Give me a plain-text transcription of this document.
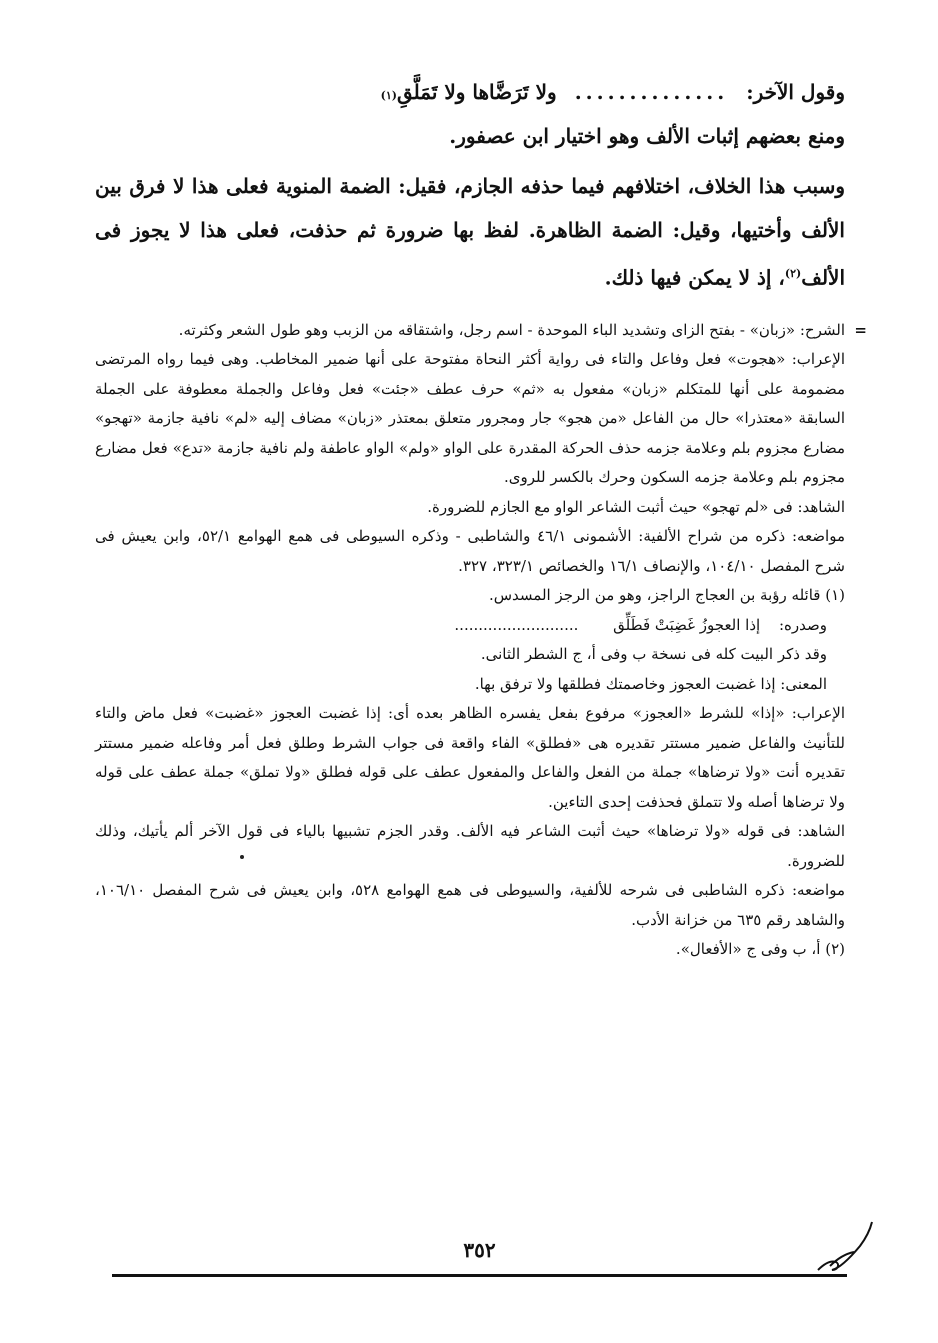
وقول الآخر:
..............
ولا تَرَضَّاها ولا تَمَلَّقِ
(١)

ومنع بعضهم إثبات الألف وهو اختيار ابن عصفور.

وسبب هذا الخلاف، اختلافهم فيما حذفه الجازم، فقيل: الضمة المنوية فعلى هذا لا فرق بين الألف وأختيها، وقيل: الضمة الظاهرة. لفظ بها ضرورة ثم حذفت، فعلى هذا لا يجوز فى الألف$^{(٢)}$، إذ لا يمكن فيها ذلك.

=
الشرح: «زبان» - بفتح الزاى وتشديد الباء الموحدة - اسم رجل، واشتقاقه من الزبب وهو طول الشعر وكثرته.

الإعراب: «هجوت» فعل وفاعل والتاء فى رواية أكثر النحاة مفتوحة على أنها ضمير المخاطب. وهى فيما رواه المرتضى مضمومة على أنها للمتكلم «زبان» مفعول به «ثم» حرف عطف «جئت» فعل وفاعل والجملة معطوفة على الجملة السابقة «معتذرا» حال من الفاعل «من هجو» جار ومجرور متعلق بمعتذر «زبان» مضاف إليه «لم» نافية جازمة «تهجو» مضارع مجزوم بلم وعلامة جزمه حذف الحركة المقدرة على الواو «ولم» الواو عاطفة ولم نافية جازمة «تدع» فعل مضارع مجزوم بلم وعلامة جزمه السكون وحرك بالكسر للروى.

الشاهد: فى «لم تهجو» حيث أثبت الشاعر الواو مع الجازم للضرورة.

مواضعه: ذكره من شراح الألفية: الأشمونى ٤٦/١ والشاطبى - وذكره السيوطى فى همع الهوامع ٥٢/١، وابن يعيش فى شرح المفصل ١٠٤/١٠، والإنصاف ١٦/١ والخصائص ٣٢٣/١، ٣٢٧.

(١) قائله رؤبة بن العجاج الراجز، وهو من الرجز المسدس.

وصدره: إذا العجوزُ غَضِبَتْ فَطَلِّق ..........................

وقد ذكر البيت كله فى نسخة ب وفى أ، ج الشطر الثانى.

المعنى: إذا غضبت العجوز وخاصمتك فطلقها ولا ترفق بها.

الإعراب: «إذا» للشرط «العجوز» مرفوع بفعل يفسره الظاهر بعده أى: إذا غضبت العجوز «غضبت» فعل ماض والتاء للتأنيث والفاعل ضمير مستتر تقديره هى «فطلق» الفاء واقعة فى جواب الشرط وطلق فعل أمر وفاعله ضمير مستتر تقديره أنت «ولا ترضاها» جملة من الفعل والفاعل والمفعول عطف على قوله فطلق «ولا تملق» جملة عطف على قوله ولا ترضاها أصله ولا تتملق فحذفت إحدى التاءين.

الشاهد: فى قوله «ولا ترضاها» حيث أثبت الشاعر فيه الألف. وقدر الجزم تشبيها بالياء فى قول الآخر ألم يأتيك، وذلك للضرورة.

مواضعه: ذكره الشاطبى فى شرحه للألفية، والسيوطى فى همع الهوامع ٥٢٨، وابن يعيش فى شرح المفصل ١٠٦/١٠، والشاهد رقم ٦٣٥ من خزانة الأدب.

(٢) أ، ب وفى ج «الأفعال».

٣٥٢
